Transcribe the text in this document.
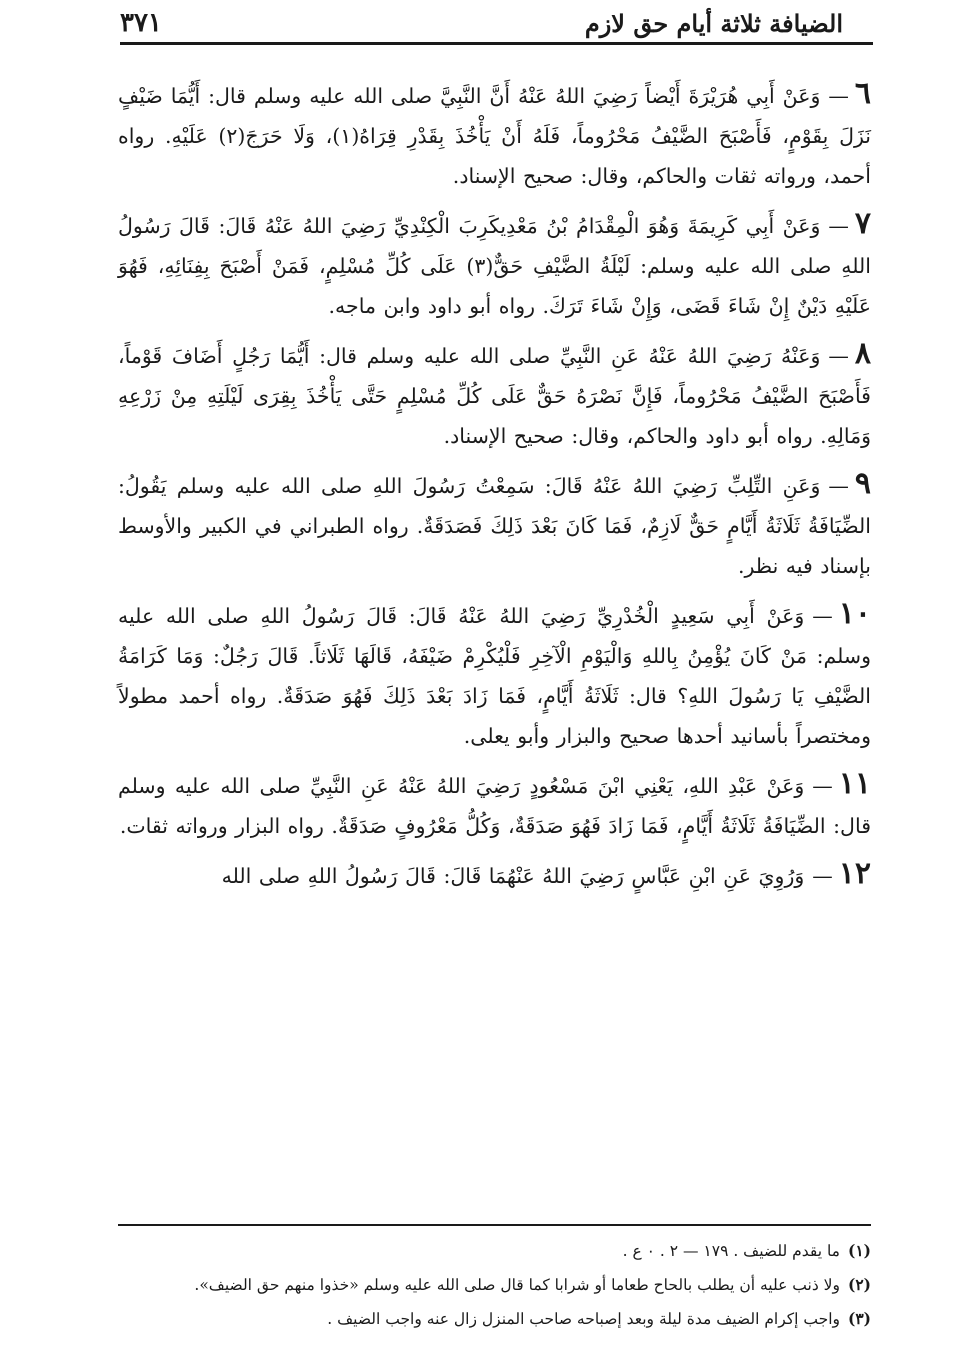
الضيافة ثلاثة أيام حق لازم
٣٧١

٦—وَعَنْ أَبِي هُرَيْرَةَ أَيْضاً رَضِيَ اللهُ عَنْهُ أَنَّ النَّبِيَّ صلى الله عليه وسلم قال: أَيُّمَا ضَيْفٍ نَزَلَ بِقَوْمٍ، فَأَصْبَحَ الضَّيْفُ مَحْرُوماً، فَلَهُ أَنْ يَأْخُذَ بِقَدْرِ قِرَاهُ(١)، وَلَا حَرَجَ(٢) عَلَيْهِ. رواه أحمد، ورواته ثقات والحاكم، وقال: صحيح الإسناد.

٧—وَعَنْ أَبِي كَرِيمَةَ وَهُوَ الْمِقْدَامُ بْنُ مَعْدِيكَرِبَ الْكِنْدِيِّ رَضِيَ اللهُ عَنْهُ قَالَ: قَالَ رَسُولُ اللهِ صلى الله عليه وسلم: لَيْلَةُ الضَّيْفِ حَقٌّ(٣) عَلَى كُلِّ مُسْلِمٍ، فَمَنْ أَصْبَحَ بِفِنَائِهِ، فَهُوَ عَلَيْهِ دَيْنٌ إِنْ شَاءَ قَضَى، وَإِنْ شَاءَ تَرَكَ. رواه أبو داود وابن ماجه.

٨—وَعَنْهُ رَضِيَ اللهُ عَنْهُ عَنِ النَّبِيِّ صلى الله عليه وسلم قال: أَيُّمَا رَجُلٍ أَضَافَ قَوْماً، فَأَصْبَحَ الضَّيْفُ مَحْرُوماً، فَإِنَّ نَصْرَهُ حَقٌّ عَلَى كُلِّ مُسْلِمٍ حَتَّى يَأْخُذَ بِقِرَى لَيْلَتِهِ مِنْ زَرْعِهِ وَمَالِهِ. رواه أبو داود والحاكم، وقال: صحيح الإسناد.

٩—وَعَنِ التِّلِبِّ رَضِيَ اللهُ عَنْهُ قَالَ: سَمِعْتُ رَسُولَ اللهِ صلى الله عليه وسلم يَقُولُ: الضِّيَافَةُ ثَلَاثَةُ أَيَّامٍ حَقٌّ لَازِمٌ، فَمَا كَانَ بَعْدَ ذَلِكَ فَصَدَقَةٌ. رواه الطبراني في الكبير والأوسط بإسناد فيه نظر.

١٠—وَعَنْ أَبِي سَعِيدٍ الْخُدْرِيِّ رَضِيَ اللهُ عَنْهُ قَالَ: قَالَ رَسُولُ اللهِ صلى الله عليه وسلم: مَنْ كَانَ يُؤْمِنُ بِاللهِ وَالْيَوْمِ الْآخِرِ فَلْيُكْرِمْ ضَيْفَهُ، قَالَهَا ثَلَاثاً. قَالَ رَجُلٌ: وَمَا كَرَامَةُ الضَّيْفِ يَا رَسُولَ اللهِ؟ قال: ثَلَاثَةُ أَيَّامٍ، فَمَا زَادَ بَعْدَ ذَلِكَ فَهُوَ صَدَقَةٌ. رواه أحمد مطولاً ومختصراً بأسانيد أحدها صحيح والبزار وأبو يعلى.

١١—وَعَنْ عَبْدِ اللهِ، يَعْنِي ابْنَ مَسْعُودٍ رَضِيَ اللهُ عَنْهُ عَنِ النَّبِيِّ صلى الله عليه وسلم قال: الضِّيَافَةُ ثَلَاثَةُ أَيَّامٍ، فَمَا زَادَ فَهُوَ صَدَقَةٌ، وَكُلُّ مَعْرُوفٍ صَدَقَةٌ. رواه البزار ورواته ثقات.

١٢—وَرُوِيَ عَنِ ابْنِ عَبَّاسٍ رَضِيَ اللهُ عَنْهُمَا قَالَ: قَالَ رَسُولُ اللهِ صلى الله

(١)ما يقدم للضيف . ١٧٩ — ٢ . ٠ ع .
(٢)ولا ذنب عليه أن يطلب بالحاح طعاما أو شرابا كما قال صلى الله عليه وسلم «خذوا منهم حق الضيف».
(٣)واجب إكرام الضيف مدة ليلة وبعد إصباحه صاحب المنزل زال عنه واجب الضيف .
